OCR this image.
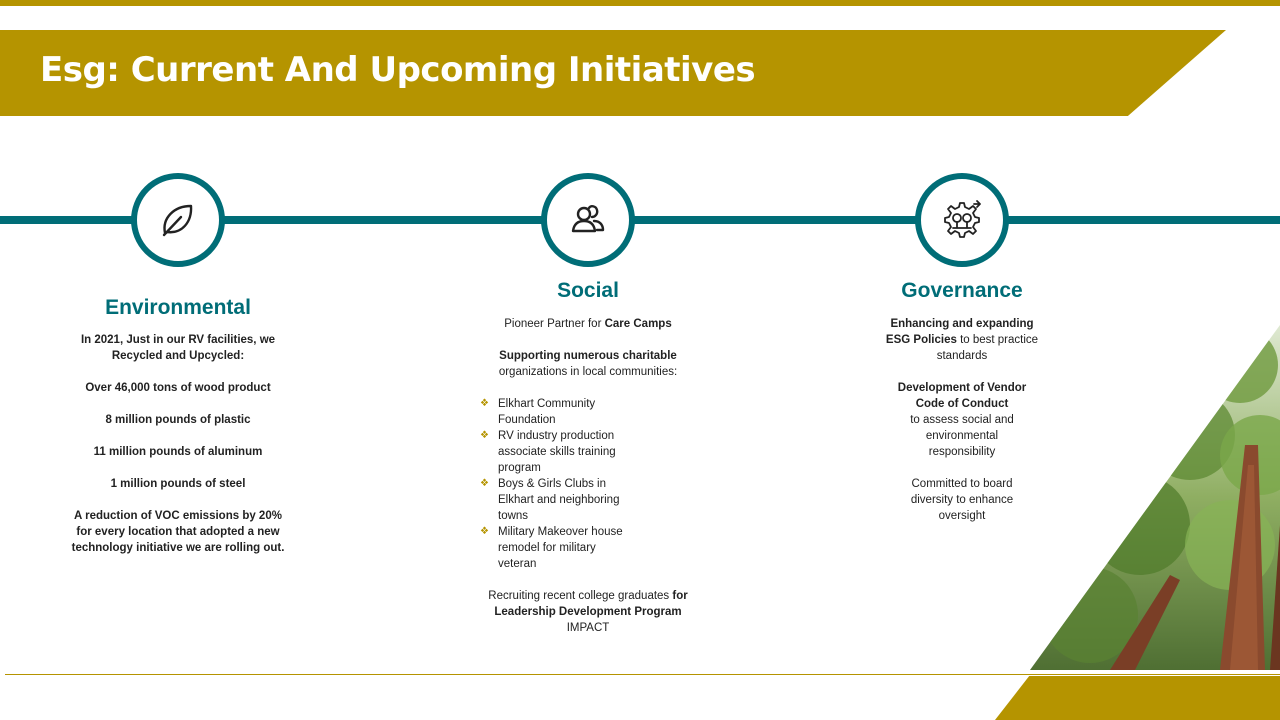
Esg: Current And Upcoming Initiatives
Environmental
Social	Governance

In 2021, Just in our RV facilities, we

Recycled and Upcycled:

Over 46,000 tons of wood product

8 million pounds of plastic

11 million pounds of aluminum

1 million pounds of steel

A reduction of VOC emissions by 20%

for every location that adopted a new

technology initiative we are rolling out.

Pioneer Partner for Care Camps

Supporting numerous charitable

organizations in local communities:

❖ Elkhart Community
Foundation
❖ RV industry production
associate skills training
program
❖ Boys & Girls Clubs in
Elkhart and neighboring
towns
❖ Military Makeover house
remodel for military
veteran

Recruiting recent college graduates for

Leadership Development Program

IMPACT

Enhancing and expanding

ESG Policies to best practice

standards

Development of Vendor

Code of Conduct

to assess social and

environmental

responsibility

Committed to board

diversity to enhance

oversight
